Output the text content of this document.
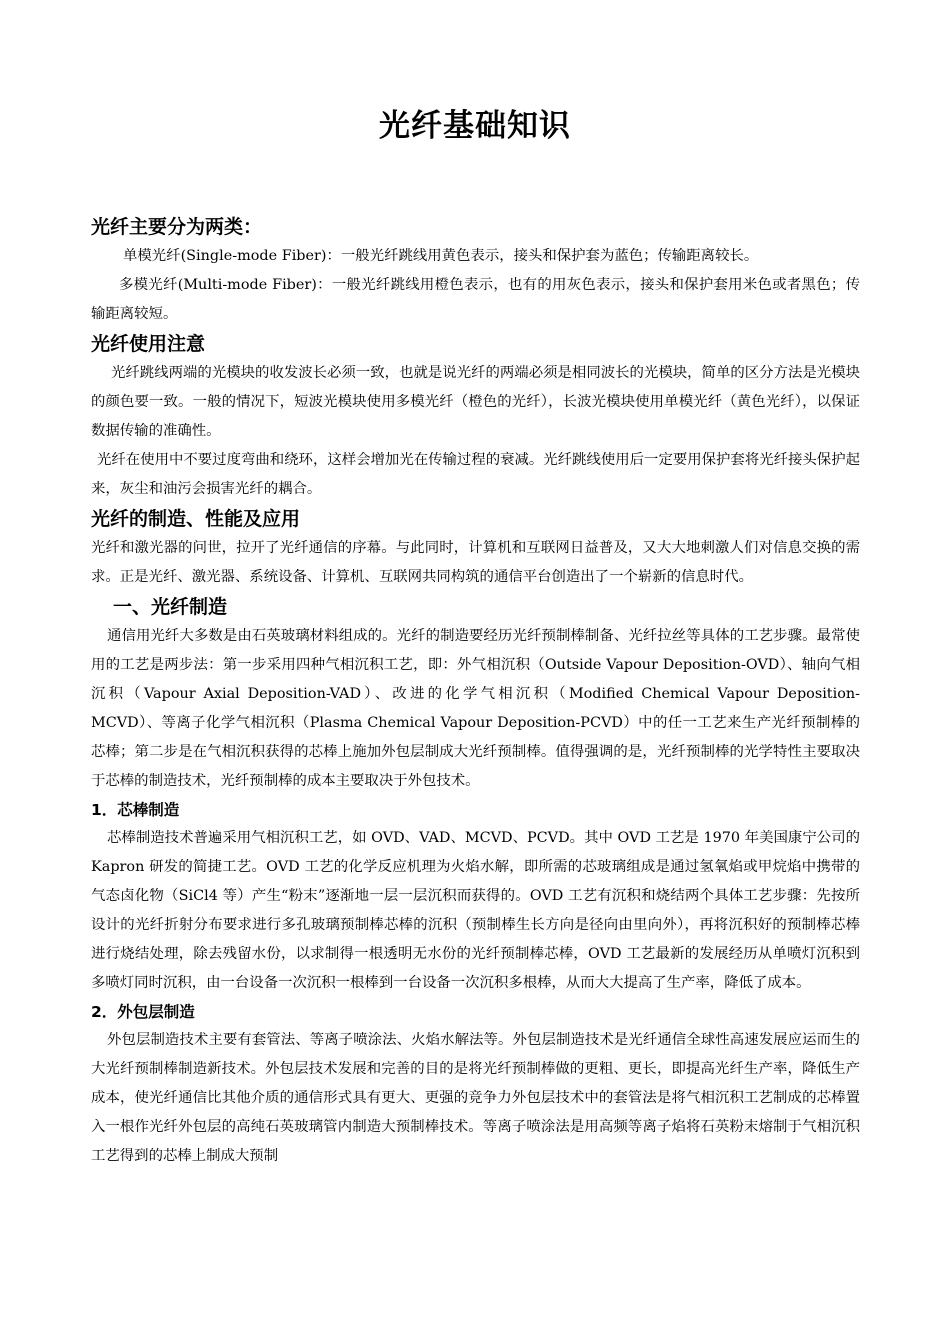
光纤基础知识
光纤主要分为两类：

单模光纤(Single-mode Fiber)：一般光纤跳线用黄色表示，接头和保护套为蓝色；传输距离较长。

多模光纤(Multi-mode Fiber)：一般光纤跳线用橙色表示，也有的用灰色表示，接头和保护套用米色或者黑色；传输距离较短。

光纤使用注意

光纤跳线两端的光模块的收发波长必须一致，也就是说光纤的两端必须是相同波长的光模块，简单的区分方法是光模块的颜色要一致。一般的情况下，短波光模块使用多模光纤（橙色的光纤），长波光模块使用单模光纤（黄色光纤），以保证数据传输的准确性。

光纤在使用中不要过度弯曲和绕环，这样会增加光在传输过程的衰减。光纤跳线使用后一定要用保护套将光纤接头保护起来，灰尘和油污会损害光纤的耦合。

光纤的制造、性能及应用

光纤和激光器的问世，拉开了光纤通信的序幕。与此同时，计算机和互联网日益普及，又大大地刺激人们对信息交换的需求。正是光纤、激光器、系统设备、计算机、互联网共同构筑的通信平台创造出了一个崭新的信息时代。

一、光纤制造

通信用光纤大多数是由石英玻璃材料组成的。光纤的制造要经历光纤预制棒制备、光纤拉丝等具体的工艺步骤。最常使用的工艺是两步法：第一步采用四种气相沉积工艺，即：外气相沉积（Outside Vapour Deposition-OVD）、轴向气相沉积（Vapour Axial Deposition-VAD）、改进的化学气相沉积（Modified Chemical Vapour Deposition-MCVD）、等离子化学气相沉积（Plasma Chemical Vapour Deposition-PCVD）中的任一工艺来生产光纤预制棒的芯棒；第二步是在气相沉积获得的芯棒上施加外包层制成大光纤预制棒。值得强调的是，光纤预制棒的光学特性主要取决于芯棒的制造技术，光纤预制棒的成本主要取决于外包技术。

1．芯棒制造

芯棒制造技术普遍采用气相沉积工艺，如 OVD、VAD、MCVD、PCVD。其中 OVD 工艺是 1970 年美国康宁公司的 Kapron 研发的简捷工艺。OVD 工艺的化学反应机理为火焰水解，即所需的芯玻璃组成是通过氢氧焰或甲烷焰中携带的气态卤化物（SiCl4 等）产生“粉末”逐渐地一层一层沉积而获得的。OVD 工艺有沉积和烧结两个具体工艺步骤：先按所设计的光纤折射分布要求进行多孔玻璃预制棒芯棒的沉积（预制棒生长方向是径向由里向外），再将沉积好的预制棒芯棒进行烧结处理，除去残留水份，以求制得一根透明无水份的光纤预制棒芯棒，OVD 工艺最新的发展经历从单喷灯沉积到多喷灯同时沉积，由一台设备一次沉积一根棒到一台设备一次沉积多根棒，从而大大提高了生产率，降低了成本。

2．外包层制造

外包层制造技术主要有套管法、等离子喷涂法、火焰水解法等。外包层制造技术是光纤通信全球性高速发展应运而生的大光纤预制棒制造新技术。外包层技术发展和完善的目的是将光纤预制棒做的更粗、更长，即提高光纤生产率，降低生产成本，使光纤通信比其他介质的通信形式具有更大、更强的竞争力外包层技术中的套管法是将气相沉积工艺制成的芯棒置入一根作光纤外包层的高纯石英玻璃管内制造大预制棒技术。等离子喷涂法是用高频等离子焰将石英粉末熔制于气相沉积工艺得到的芯棒上制成大预制
